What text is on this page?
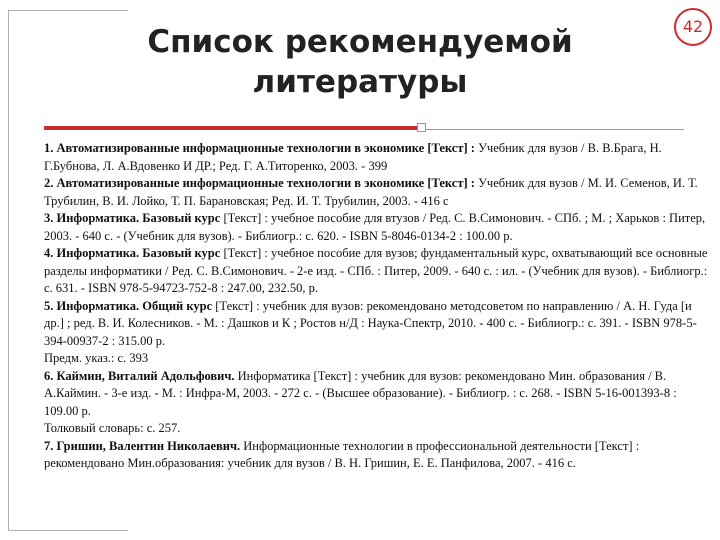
Список рекомендуемой
литературы
42

1. Автоматизированные информационные технологии в экономике [Текст] : Учебник для вузов / В. В.Брага, Н. Г.Бубнова, Л. А.Вдовенко И ДР.; Ред. Г. А.Титоренко, 2003. - 399

2. Автоматизированные информационные технологии в экономике [Текст] : Учебник для вузов / М. И. Семенов, И. Т. Трубилин, В. И. Лойко, Т. П. Барановская; Ред. И. Т. Трубилин, 2003. - 416 с

3. Информатика. Базовый курс [Текст] : учебное пособие для втузов / Ред. С. В.Симонович. - СПб. ; М. ; Харьков : Питер, 2003. - 640 с. - (Учебник для вузов). - Библиогр.: с. 620. - ISBN 5-8046-0134-2 : 100.00 р.

4. Информатика. Базовый курс [Текст] : учебное пособие для вузов; фундаментальный курс, охватывающий все основные разделы информатики / Ред. С. В.Симонович. - 2-е изд. - СПб. : Питер, 2009. - 640 с. : ил. - (Учебник для вузов). - Библиогр.: с. 631. - ISBN 978-5-94723-752-8 : 247.00, 232.50, р.

5. Информатика. Общий курс [Текст] : учебник для вузов: рекомендовано методсоветом по направлению / А. Н. Гуда [и др.] ; ред. В. И. Колесников. - М. : Дашков и К ; Ростов н/Д : Наука-Спектр, 2010. - 400 с. - Библиогр.: с. 391. - ISBN 978-5-394-00937-2 : 315.00 р.

Предм. указ.: с. 393

6. Каймин, Виталий Адольфович. Информатика [Текст] : учебник для вузов: рекомендовано Мин. образования / В. А.Каймин. - 3-е изд. - М. : Инфра-М, 2003. - 272 с. - (Высшее образование). - Библиогр. : с. 268. - ISBN 5-16-001393-8 : 109.00 р.

Толковый словарь: с. 257.

7. Гришин, Валентин Николаевич. Информационные технологии в профессиональной деятельности [Текст] : рекомендовано Мин.образования: учебник для вузов / В. Н. Гришин, Е. Е. Панфилова, 2007. - 416 с.
